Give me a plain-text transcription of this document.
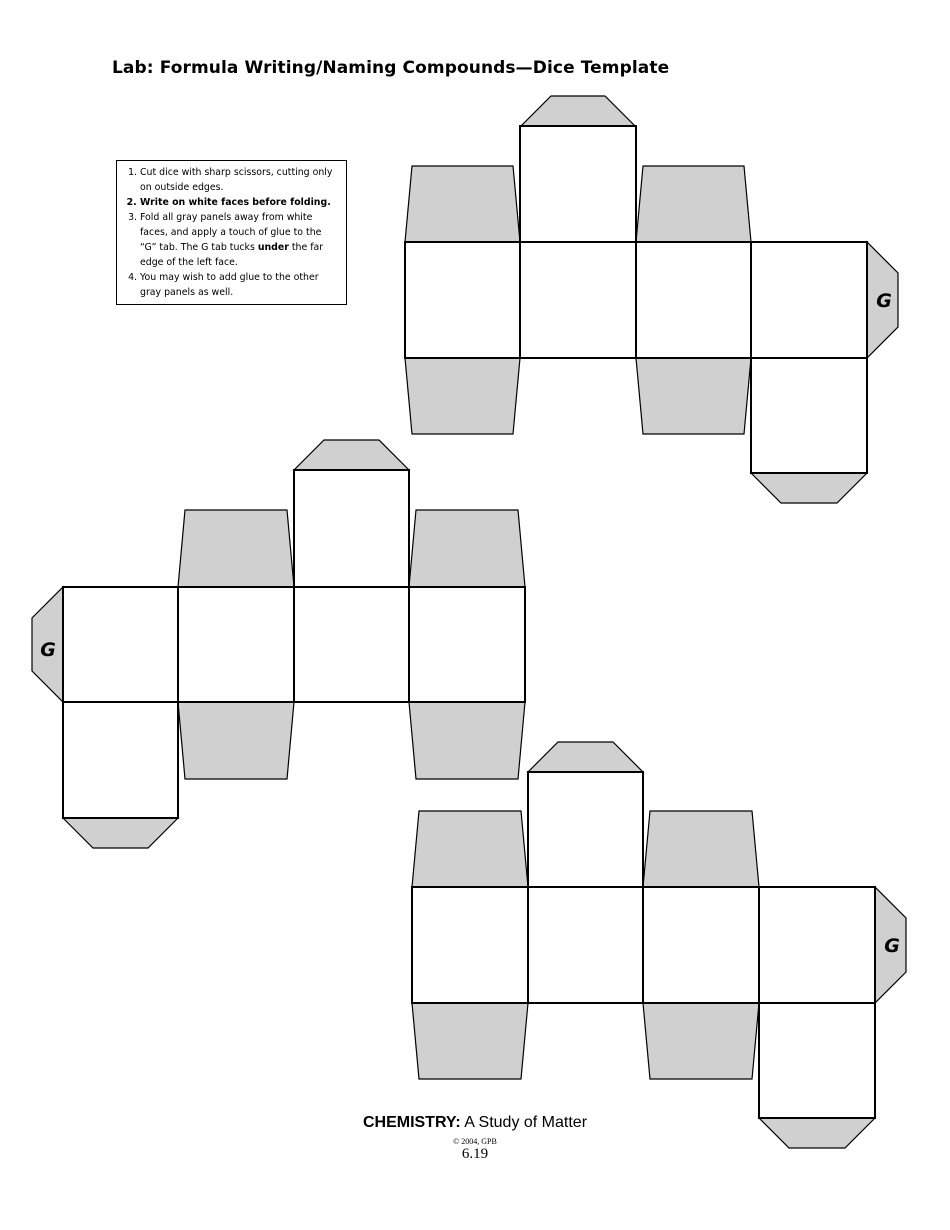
Lab: Formula Writing/Naming Compounds—Dice Template
1. Cut dice with sharp scissors, cutting only on outside edges.
2. Write on white faces before folding.
3. Fold all gray panels away from white faces, and apply a touch of glue to the “G” tab. The G tab tucks under the far edge of the left face.
4. You may wish to add glue to the other gray panels as well.	G
G
G
CHEMISTRY: A Study of Matter
© 2004, GPB
6.19
